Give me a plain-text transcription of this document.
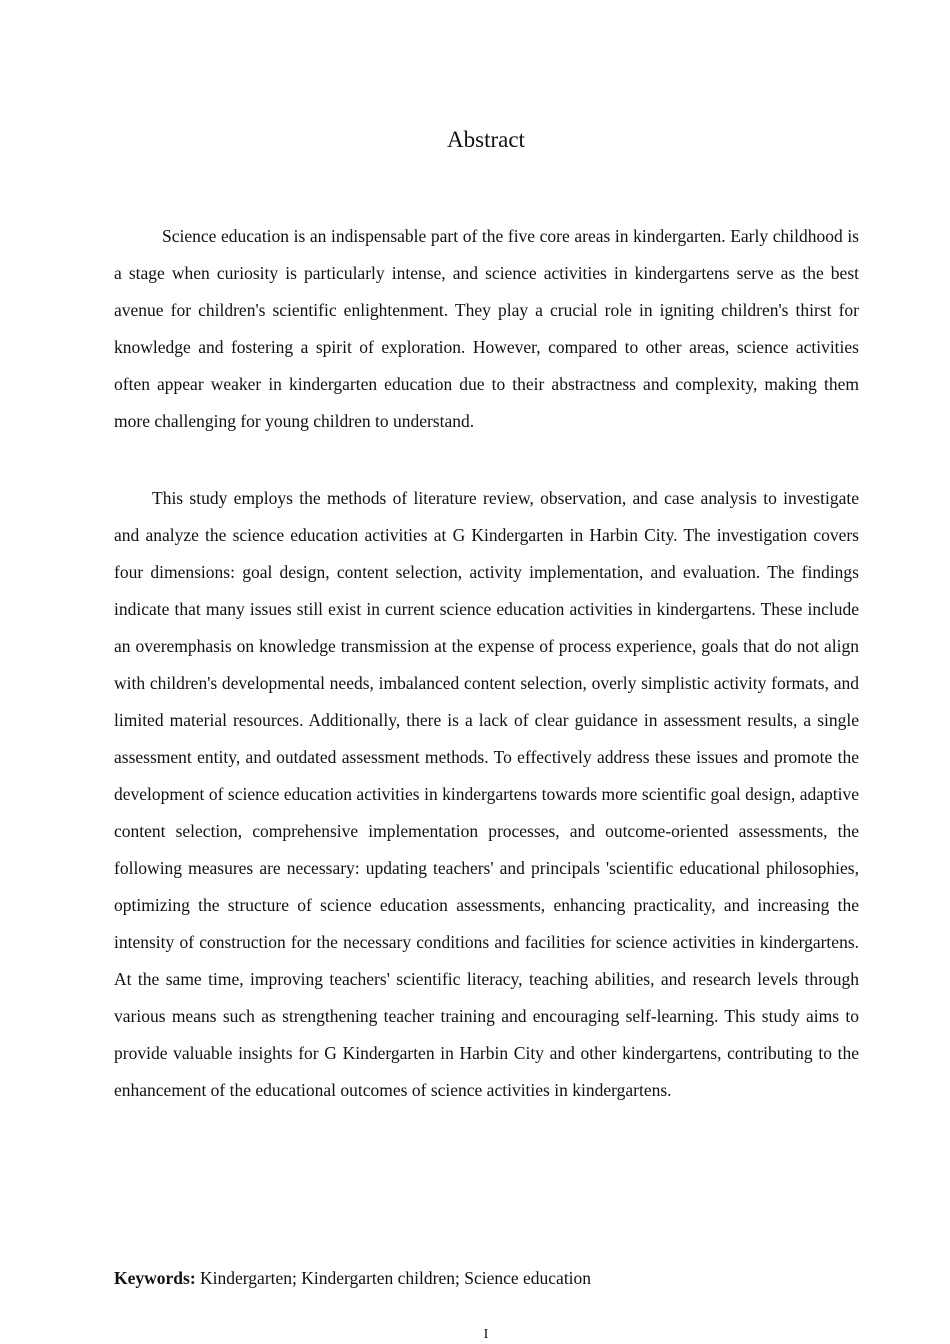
Abstract

Science education is an indispensable part of the five core areas in kindergarten. Early childhood is a stage when curiosity is particularly intense, and science activities in kindergartens serve as the best avenue for children's scientific enlightenment. They play a crucial role in igniting children's thirst for knowledge and fostering a spirit of exploration. However, compared to other areas, science activities often appear weaker in kindergarten education due to their abstractness and complexity, making them more challenging for young children to understand.

This study employs the methods of literature review, observation, and case analysis to investigate and analyze the science education activities at G Kindergarten in Harbin City. The investigation covers four dimensions: goal design, content selection, activity implementation, and evaluation. The findings indicate that many issues still exist in current science education activities in kindergartens. These include an overemphasis on knowledge transmission at the expense of process experience, goals that do not align with children's developmental needs, imbalanced content selection, overly simplistic activity formats, and limited material resources. Additionally, there is a lack of clear guidance in assessment results, a single assessment entity, and outdated assessment methods. To effectively address these issues and promote the development of science education activities in kindergartens towards more scientific goal design, adaptive content selection, comprehensive implementation processes, and outcome-oriented assessments, the following measures are necessary: updating teachers' and principals 'scientific educational philosophies, optimizing the structure of science education assessments, enhancing practicality, and increasing the intensity of construction for the necessary conditions and facilities for science activities in kindergartens. At the same time, improving teachers' scientific literacy, teaching abilities, and research levels through various means such as strengthening teacher training and encouraging self-learning. This study aims to provide valuable insights for G Kindergarten in Harbin City and other kindergartens, contributing to the enhancement of the educational outcomes of science activities in kindergartens.

Keywords: Kindergarten; Kindergarten children; Science education

I
